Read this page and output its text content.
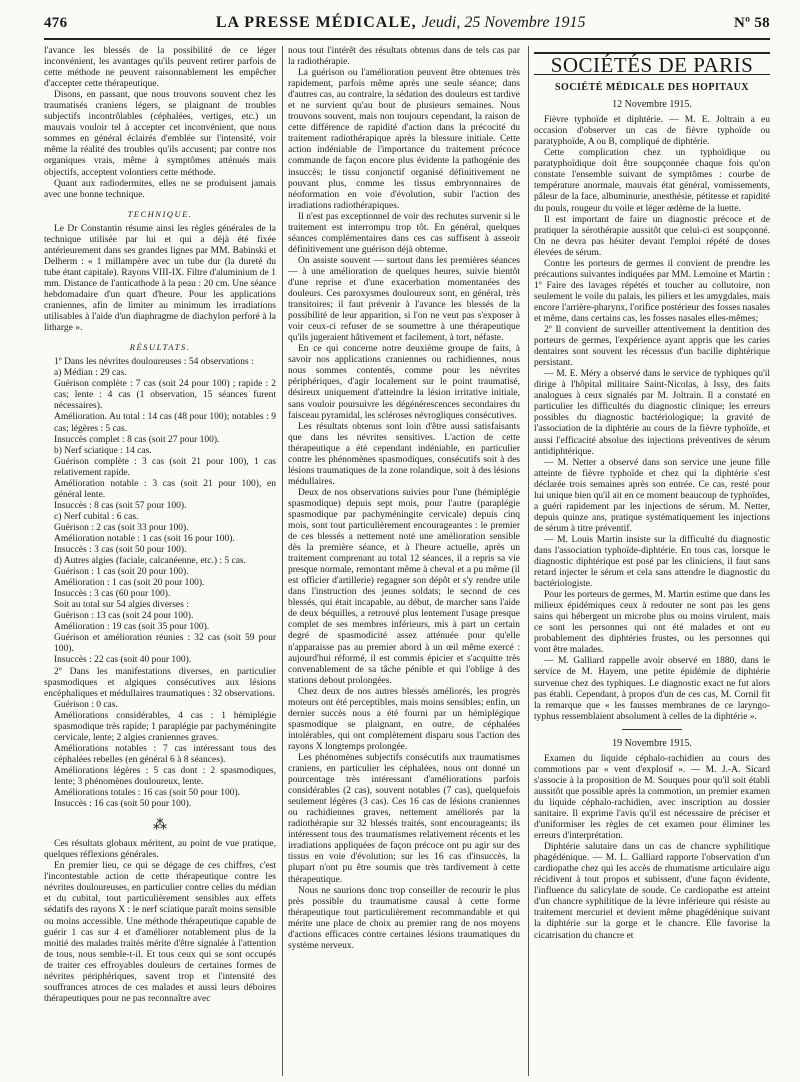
476	LA PRESSE MÉDICALE, Jeudi, 25 Novembre 1915	Nº 58

l'avance les blessés de la possibilité de ce léger inconvénient, les avantages qu'ils peuvent retirer parfois de cette méthode ne peuvent raisonnablement les empêcher d'accepter cette thérapeutique.

Disons, en passant, que nous trouvons souvent chez les traumatisés craniens légers, se plaignant de troubles subjectifs incontrôlables (céphalées, vertiges, etc.) un mauvais vouloir tel à accepter cet inconvénient, que nous sommes en général éclairés d'emblée sur l'intensité, voir même la réalité des troubles qu'ils accusent; par contre nos organiques vrais, même à symptômes atténués mais objectifs, acceptent volontiers cette méthode.

Quant aux radiodermites, elles ne se produisent jamais avec une bonne technique.

TECHNIQUE.

Le Dr Constantin résume ainsi les règles générales de la technique utilisée par lui et qui a déjà été fixée antérieurement dans ses grandes lignes par MM. Babinski et Delherm : « 1 millampère avec un tube dur (la dureté du tube étant capitale). Rayons VIII-IX. Filtre d'aluminium de 1 mm. Distance de l'anticathode à la peau : 20 cm. Une séance hebdomadaire d'un quart d'heure. Pour les applications craniennes, afin de limiter au minimum les irradiations utilisables à l'aide d'un diaphragme de diachylon perforé à la litharge ».

RÉSULTATS.

1º Dans les névrites douloureuses : 54 observations :

a) Médian : 29 cas.

Guérison complète : 7 cas (soit 24 pour 100) ; rapide : 2 cas; lente : 4 cas (1 observation, 15 séances furent nécessaires).

Amélioration. Au total : 14 cas (48 pour 100); notables : 9 cas; légères : 5 cas.

Insuccès complet : 8 cas (soit 27 pour 100).

b) Nerf sciatique : 14 cas.

Guérison complète : 3 cas (soit 21 pour 100), 1 cas relativement rapide.

Amélioration notable : 3 cas (soit 21 pour 100), en général lente.

Insuccès : 8 cas (soit 57 pour 100).

c) Nerf cubital : 6 cas.

Guérison : 2 cas (soit 33 pour 100).

Amélioration notable : 1 cas (soit 16 pour 100).

Insuccès : 3 cas (soit 50 pour 100).

d) Autres algies (faciale, calcanéenne, etc.) : 5 cas.

Guérison : 1 cas (soit 20 pour 100).

Amélioration : 1 cas (soit 20 pour 100).

Insuccès : 3 cas (60 pour 100).

Soit au total sur 54 algies diverses :

Guérison : 13 cas (soit 24 pour 100).

Amélioration : 19 cas (soit 35 pour 100).

Guérison et amélioration réunies : 32 cas (soit 59 pour 100).

Insuccès : 22 cas (soit 40 pour 100).

2º Dans les manifestations diverses, en particulier spasmodiques et algiques consécutives aux lésions encéphaliques et médullaires traumatiques : 32 observations.

Guérison : 0 cas.

Améliorations considérables, 4 cas : 1 hémiplégie spasmodique très rapide; 1 paraplégie par pachyméningite cervicale, lente; 2 algies craniennes graves.

Améliorations notables : 7 cas intéressant tous des céphalées rebelles (en général 6 à 8 séances).

Améliorations légères : 5 cas dont : 2 spasmodiques, lente; 3 phénomènes douloureux, lente.

Améliorations totales : 16 cas (soit 50 pour 100).

Insuccès : 16 cas (soit 50 pour 100).

⁂

Ces résultats globaux méritent, au point de vue pratique, quelques réflexions générales.

En premier lieu, ce qui se dégage de ces chiffres, c'est l'incontestable action de cette thérapeutique contre les névrites douloureuses, en particulier contre celles du médian et du cubital, tout particulièrement sensibles aux effets sédatifs des rayons X : le nerf sciatique paraît moins sensible ou moins accessible. Une méthode thérapeutique capable de guérir 1 cas sur 4 et d'améliorer notablement plus de la moitié des malades traités mérite d'être signalée à l'attention de tous, nous semble-t-il. Et tous ceux qui se sont occupés de traiter ces effroyables douleurs de certaines formes de névrites périphériques, savent trop et l'intensité des souffrances atroces de ces malades et aussi leurs déboires thérapeutiques pour ne pas reconnaître avec

nous tout l'intérêt des résultats obtenus dans de tels cas par la radiothérapie.

La guérison ou l'amélioration peuvent être obtenues très rapidement, parfois même après une seule séance; dans d'autres cas, au contraire, la sédation des douleurs est tardive et ne survient qu'au bout de plusieurs semaines. Nous trouvons souvent, mais non toujours cependant, la raison de cette différence de rapidité d'action dans la précocité du traitement radiothérapique après la blessure initiale. Cette action indéniable de l'importance du traitement précoce commande de façon encore plus évidente la pathogénie des insuccès; le tissu conjonctif organisé définitivement ne pouvant plus, comme les tissus embryonnaires de néoformation en voie d'évolution, subir l'action des irradiations radiothérapiques.

Il n'est pas exceptionnel de voir des rechutes survenir si le traitement est interrompu trop tôt. En général, quelques séances complémentaires dans ces cas suffisent à asseoir définitivement une guérison déjà obtenue.

On assiste souvent — surtout dans les premières séances — à une amélioration de quelques heures, suivie bientôt d'une reprise et d'une exacerbation momentanées des douleurs. Ces paroxysmes douloureux sont, en général, très transitoires; il faut prévenir à l'avance les blessés de la possibilité de leur apparition, si l'on ne veut pas s'exposer à voir ceux-ci refuser de se soumettre à une thérapeutique qu'ils jugeraient hâtivement et facilement, à tort, néfaste.

En ce qui concerne notre deuxième groupe de faits, à savoir nos applications craniennes ou rachidiennes, nous nous sommes contentés, comme pour les névrites périphériques, d'agir localement sur le point traumatisé, désireux uniquement d'atteindre la lésion irritative initiale, sans vouloir poursuivre les dégénérescences secondaires du faisceau pyramidal, les scléroses névrogliques consécutives.

Les résultats obtenus sont loin d'être aussi satisfaisants que dans les névrites sensitives. L'action de cette thérapeutique a été cependant indéniable, en particulier contre les phénomènes spasmodiques, consécutifs soit à des lésions traumatiques de la zone rolandique, soit à des lésions médullaires.

Deux de nos observations suivies pour l'une (hémiplégie spasmodique) depuis sept mois, pour l'autre (paraplégie spasmodique par pachyméningite cervicale) depuis cinq mois, sont tout particulièrement encourageantes : le premier de ces blessés a nettement noté une amélioration sensible dès la première séance, et à l'heure actuelle, après un traitement comprenant au total 12 séances, il a repris sa vie presque normale, remontant même à cheval et a pu même (il est officier d'artillerie) regagner son dépôt et s'y rendre utile dans l'instruction des jeunes soldats; le second de ces blessés, qui était incapable, au début, de marcher sans l'aide de deux béquilles, a retrouvé plus lentement l'usage presque complet de ses membres inférieurs, mis à part un certain degré de spasmodicité assez atténuée pour qu'elle n'apparaisse pas au premier abord à un œil même exercé : aujourd'hui réformé, il est commis épicier et s'acquitte très convenablement de sa tâche pénible et qui l'oblige à des stations debout prolongées.

Chez deux de nos autres blessés améliorés, les progrès moteurs ont été perceptibles, mais moins sensibles; enfin, un dernier succès nous a été fourni par un hémiplégique spasmodique se plaignant, en outre, de céphalées intolérables, qui ont complètement disparu sous l'action des rayons X longtemps prolongée.

Les phénomènes subjectifs consécutifs aux traumatismes craniens, en particulier les céphalées, nous ont donné un pourcentage très intéressant d'améliorations parfois considérables (2 cas), souvent notables (7 cas), quelquefois seulement légères (3 cas). Ces 16 cas de lésions craniennes ou rachidiennes graves, nettement améliorés par la radiothérapie sur 32 blessés traités, sont encourageants; ils intéressent tous des traumatismes relativement récents et les irradiations appliquées de façon précoce ont pu agir sur des tissus en voie d'évolution; sur les 16 cas d'insuccès, la plupart n'ont pu être soumis que très tardivement à cette thérapeutique.

Nous ne saurions donc trop conseiller de recourir le plus près possible du traumatisme causal à cette forme thérapeutique tout particulièrement recommandable et qui mérite une place de choix au premier rang de nos moyens d'actions efficaces contre certaines lésions traumatiques du système nerveux.

SOCIÉTÉS DE PARIS
SOCIÉTÉ MÉDICALE DES HOPITAUX
12 Novembre 1915.

Fièvre typhoïde et diphtérie. — M. E. Joltrain a eu occasion d'observer un cas de fièvre typhoïde ou paratyphoïde, A ou B, compliqué de diphtérie.

Cette complication chez un typhoïdique ou paratyphoïdique doit être soupçonnée chaque fois qu'on constate l'ensemble suivant de symptômes : courbe de température anormale, mauvais état général, vomissements, pâleur de la face, albuminurie, anesthésie, pétitesse et rapidité du pouls, rougeur du voile et léger œdème de la luette.

Il est important de faire un diagnostic précoce et de pratiquer la sérothérapie aussitôt que celui-ci est soupçonné. On ne devra pas hésiter devant l'emploi répété de doses élevées de sérum.

Contre les porteurs de germes il convient de prendre les précautions suivantes indiquées par MM. Lemoine et Martin : 1º Faire des lavages répétés et toucher au collutoire, non seulement le voile du palais, les piliers et les amygdales, mais encore l'arrière-pharynx, l'orifice postérieur des fosses nasales et même, dans certains cas, les fosses nasales elles-mêmes;

2º Il convient de surveiller attentivement la dentition des porteurs de germes, l'expérience ayant appris que les caries dentaires sont souvent les récessus d'un bacille diphtérique persistant.

— M. E. Méry a observé dans le service de typhiques qu'il dirige à l'hôpital militaire Saint-Nicolas, à Issy, des faits analogues à ceux signalés par M. Joltrain. Il a constaté en particulier les difficultés du diagnostic clinique; les erreurs possibles du diagnostic bactériologique; la gravité de l'association de la diphtérie au cours de la fièvre typhoïde, et aussi l'efficacité absolue des injections préventives de sérum antidiphtérique.

— M. Netter a observé dans son service une jeune fille atteinte de fièvre typhoïde et chez qui la diphtérie s'est déclarée trois semaines après son entrée. Ce cas, resté pour lui unique bien qu'il ait en ce moment beaucoup de typhoïdes, a guéri rapidement par les injections de sérum. M. Netter, depuis quinze ans, pratique systématiquement les injections de sérum à titre préventif.

— M. Louis Martin insiste sur la difficulté du diagnostic dans l'association typhoïde-diphtérie. En tous cas, lorsque le diagnostic diphtérique est posé par les cliniciens, il faut sans retard injecter le sérum et cela sans attendre le diagnostic du bactériologiste.

Pour les porteurs de germes, M. Martin estime que dans les milieux épidémiques ceux à redouter ne sont pas les gens sains qui hébergent un microbe plus ou moins virulent, mais ce sont les personnes qui ont été malades et ont eu probablement des diphtéries frustes, ou les personnes qui vont être malades.

— M. Galliard rappelle avoir observé en 1880, dans le service de M. Hayem, une petite épidémie de diphtérie survenue chez des typhiques. Le diagnostic exact ne fut alors pas établi. Cependant, à propos d'un de ces cas, M. Cornil fit la remarque que « les fausses membranes de ce laryngo-typhus ressemblaient absolument à celles de la diphtérie ».

19 Novembre 1915.

Examen du liquide céphalo-rachidien au cours des commotions par « vent d'explosif ». — M. J.-A. Sicard s'associe à la proposition de M. Souques pour qu'il soit établi aussitôt que possible après la commotion, un premier examen du liquide céphalo-rachidien, avec inscription au dossier sanitaire. Il exprime l'avis qu'il est nécessaire de préciser et d'uniformiser les règles de cet examen pour éliminer les erreurs d'interprétation.

Diphtérie salutaire dans un cas de chancre syphilitique phagédénique. — M. L. Galliard rapporte l'observation d'un cardiopathe chez qui les accès de rhumatisme articulaire aigu récidivent à tout propos et subissent, d'une façon évidente, l'influence du salicylate de soude. Ce cardiopathe est atteint d'un chancre syphilitique de la lèvre inférieure qui résiste au traitement mercuriel et devient même phagédénique suivant la diphtérie sur la gorge et le chancre. Elle favorise la cicatrisation du chancre et
